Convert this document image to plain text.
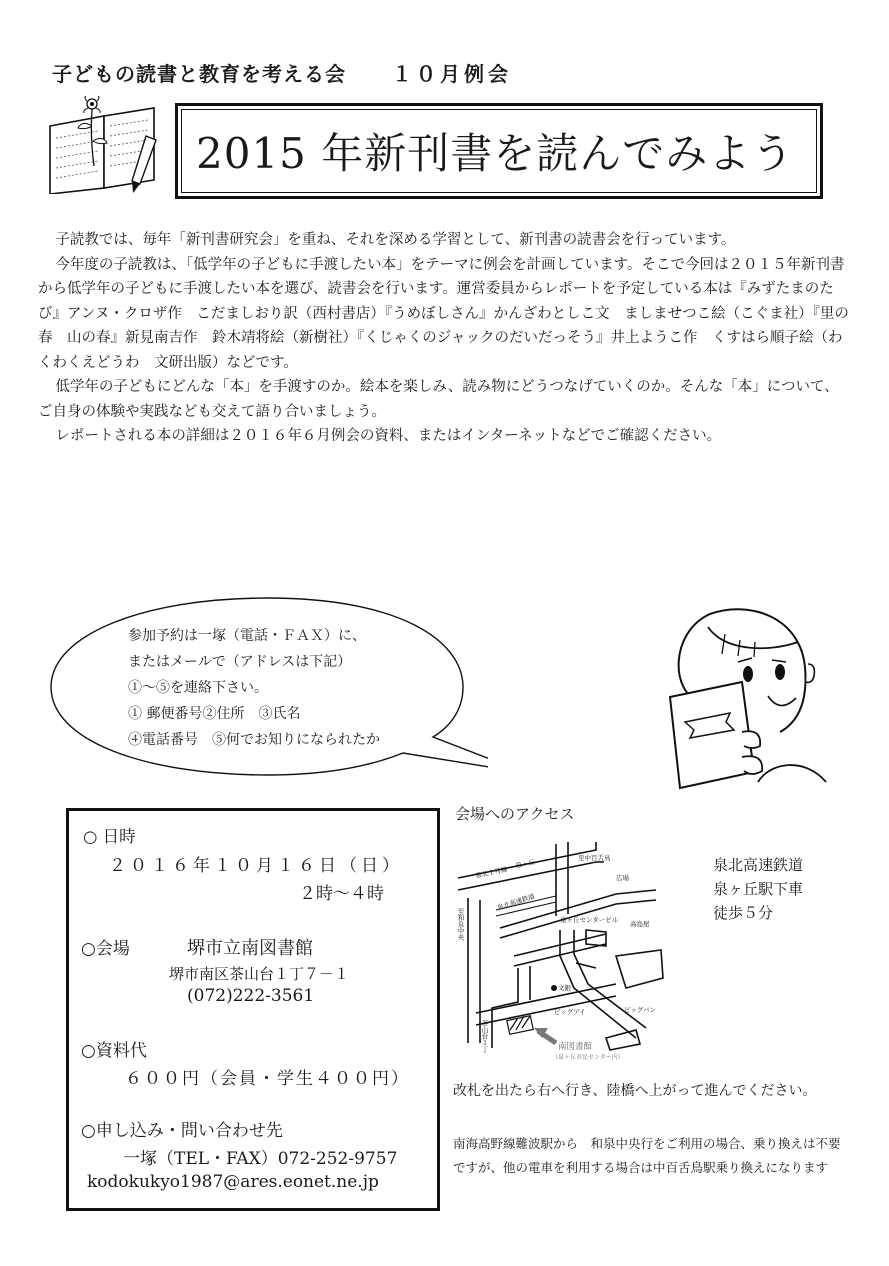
子どもの読書と教育を考える会 １０月例会
2015 年新刊書を読んでみよう

子読教では、毎年「新刊書研究会」を重ね、それを深める学習として、新刊書の読書会を行っています。

今年度の子読教は、「低学年の子どもに手渡したい本」をテーマに例会を計画しています。そこで今回は２０１５年新刊書から低学年の子どもに手渡したい本を選び、読書会を行います。運営委員からレポートを予定している本は『みずたまのたび』アンヌ・クロザ作　こだましおり訳（西村書店）『うめぼしさん』かんざわとしこ文　ましませつこ絵（こぐま社）『里の春　山の春』新見南吉作　鈴木靖将絵（新樹社）『くじゃくのジャックのだいだっそう』井上ようこ作　くすはら順子絵（わくわくえどうわ　文研出版）などです。

低学年の子どもにどんな「本」を手渡すのか。絵本を楽しみ、読み物にどうつなげていくのか。そんな「本」について、ご自身の体験や実践なども交えて語り合いましょう。

レポートされる本の詳細は２０１６年６月例会の資料、またはインターネットなどでご確認ください。

参加予約は一塚（電話・ＦＡＸ）に、
またはメールで（アドレスは下記）
①～⑤を連絡下さい。
① 郵便番号②住所　③氏名
④電話番号　⑤何でお知りになられたか
○ 日時
２０１６年１０月１６日（日）
２時～４時
○会場	堺市立南図書館
堺市南区茶山台１丁７－１
(072)222-3561
○資料代
６００円（会員・学生４００円）
○申し込み・問い合わせ先
一塚（TEL・FAX）072-252-9757
kodokukyo1987@ares.eonet.ne.jp
会場へのアクセス
泉北１号線
至中百舌鳥
泉ヶ丘
泉北高速鉄道
広場
泉ヶ丘センタービル
高島屋
至和泉中央
文銀
ビッグアイ	ビッグバン
茶山台１丁	南図書館
（泉ヶ丘市民センター内）
泉北高速鉄道
泉ヶ丘駅下車
徒歩５分

改札を出たら右へ行き、陸橋へ上がって進んでください。

南海高野線難波駅から　和泉中央行をご利用の場合、乗り換えは不要ですが、他の電車を利用する場合は中百舌鳥駅乗り換えになります
